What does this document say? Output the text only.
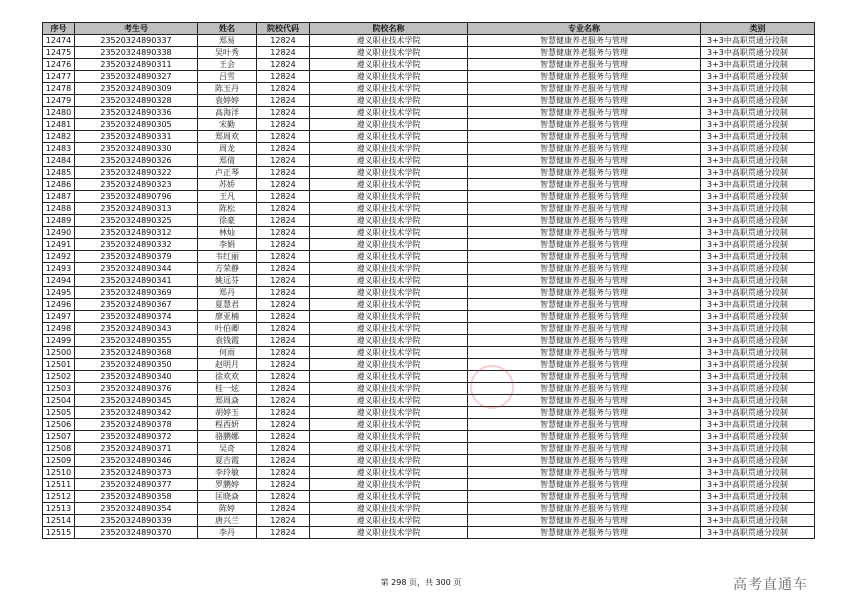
序号	考生号	姓名	院校代码	院校名称	专业名称	类别
12474	23520324890337	郑易	12824	遵义职业技术学院	智慧健康养老服务与管理	3+3中高职贯通分段制
12475	23520324890338	吴叶秀	12824	遵义职业技术学院	智慧健康养老服务与管理	3+3中高职贯通分段制
12476	23520324890311	王会	12824	遵义职业技术学院	智慧健康养老服务与管理	3+3中高职贯通分段制
12477	23520324890327	吕雪	12824	遵义职业技术学院	智慧健康养老服务与管理	3+3中高职贯通分段制
12478	23520324890309	陈玉丹	12824	遵义职业技术学院	智慧健康养老服务与管理	3+3中高职贯通分段制
12479	23520324890328	袁婷婷	12824	遵义职业技术学院	智慧健康养老服务与管理	3+3中高职贯通分段制
12480	23520324890336	高海洋	12824	遵义职业技术学院	智慧健康养老服务与管理	3+3中高职贯通分段制
12481	23520324890305	宋勤	12824	遵义职业技术学院	智慧健康养老服务与管理	3+3中高职贯通分段制
12482	23520324890331	郑周欢	12824	遵义职业技术学院	智慧健康养老服务与管理	3+3中高职贯通分段制
12483	23520324890330	周龙	12824	遵义职业技术学院	智慧健康养老服务与管理	3+3中高职贯通分段制
12484	23520324890326	郑倩	12824	遵义职业技术学院	智慧健康养老服务与管理	3+3中高职贯通分段制
12485	23520324890322	卢正琴	12824	遵义职业技术学院	智慧健康养老服务与管理	3+3中高职贯通分段制
12486	23520324890323	苏娇	12824	遵义职业技术学院	智慧健康养老服务与管理	3+3中高职贯通分段制
12487	23520324890796	王凡	12824	遵义职业技术学院	智慧健康养老服务与管理	3+3中高职贯通分段制
12488	23520324890313	陈松	12824	遵义职业技术学院	智慧健康养老服务与管理	3+3中高职贯通分段制
12489	23520324890325	徐豪	12824	遵义职业技术学院	智慧健康养老服务与管理	3+3中高职贯通分段制
12490	23520324890312	林灿	12824	遵义职业技术学院	智慧健康养老服务与管理	3+3中高职贯通分段制
12491	23520324890332	李娟	12824	遵义职业技术学院	智慧健康养老服务与管理	3+3中高职贯通分段制
12492	23520324890379	韦红丽	12824	遵义职业技术学院	智慧健康养老服务与管理	3+3中高职贯通分段制
12493	23520324890344	方荣静	12824	遵义职业技术学院	智慧健康养老服务与管理	3+3中高职贯通分段制
12494	23520324890341	姚远芬	12824	遵义职业技术学院	智慧健康养老服务与管理	3+3中高职贯通分段制
12495	23520324890369	郑丹	12824	遵义职业技术学院	智慧健康养老服务与管理	3+3中高职贯通分段制
12496	23520324890367	夏慧君	12824	遵义职业技术学院	智慧健康养老服务与管理	3+3中高职贯通分段制
12497	23520324890374	廖亚楠	12824	遵义职业技术学院	智慧健康养老服务与管理	3+3中高职贯通分段制
12498	23520324890343	叶伯卿	12824	遵义职业技术学院	智慧健康养老服务与管理	3+3中高职贯通分段制
12499	23520324890355	袁钱霞	12824	遵义职业技术学院	智慧健康养老服务与管理	3+3中高职贯通分段制
12500	23520324890368	何雨	12824	遵义职业技术学院	智慧健康养老服务与管理	3+3中高职贯通分段制
12501	23520324890350	赵明月	12824	遵义职业技术学院	智慧健康养老服务与管理	3+3中高职贯通分段制
12502	23520324890340	徐欢欢	12824	遵义职业技术学院	智慧健康养老服务与管理	3+3中高职贯通分段制
12503	23520324890376	桂一炫	12824	遵义职业技术学院	智慧健康养老服务与管理	3+3中高职贯通分段制
12504	23520324890345	郑周焱	12824	遵义职业技术学院	智慧健康养老服务与管理	3+3中高职贯通分段制
12505	23520324890342	胡婷玉	12824	遵义职业技术学院	智慧健康养老服务与管理	3+3中高职贯通分段制
12506	23520324890378	程西妍	12824	遵义职业技术学院	智慧健康养老服务与管理	3+3中高职贯通分段制
12507	23520324890372	骆鹏娜	12824	遵义职业技术学院	智慧健康养老服务与管理	3+3中高职贯通分段制
12508	23520324890371	吴奇	12824	遵义职业技术学院	智慧健康养老服务与管理	3+3中高职贯通分段制
12509	23520324890346	夏吉霞	12824	遵义职业技术学院	智慧健康养老服务与管理	3+3中高职贯通分段制
12510	23520324890373	李玲敏	12824	遵义职业技术学院	智慧健康养老服务与管理	3+3中高职贯通分段制
12511	23520324890377	罗鹏婷	12824	遵义职业技术学院	智慧健康养老服务与管理	3+3中高职贯通分段制
12512	23520324890358	匡晓焱	12824	遵义职业技术学院	智慧健康养老服务与管理	3+3中高职贯通分段制
12513	23520324890354	陈婷	12824	遵义职业技术学院	智慧健康养老服务与管理	3+3中高职贯通分段制
12514	23520324890339	唐兴兰	12824	遵义职业技术学院	智慧健康养老服务与管理	3+3中高职贯通分段制
12515	23520324890370	李丹	12824	遵义职业技术学院	智慧健康养老服务与管理	3+3中高职贯通分段制
第 298 页，共 300 页	高考直通车
